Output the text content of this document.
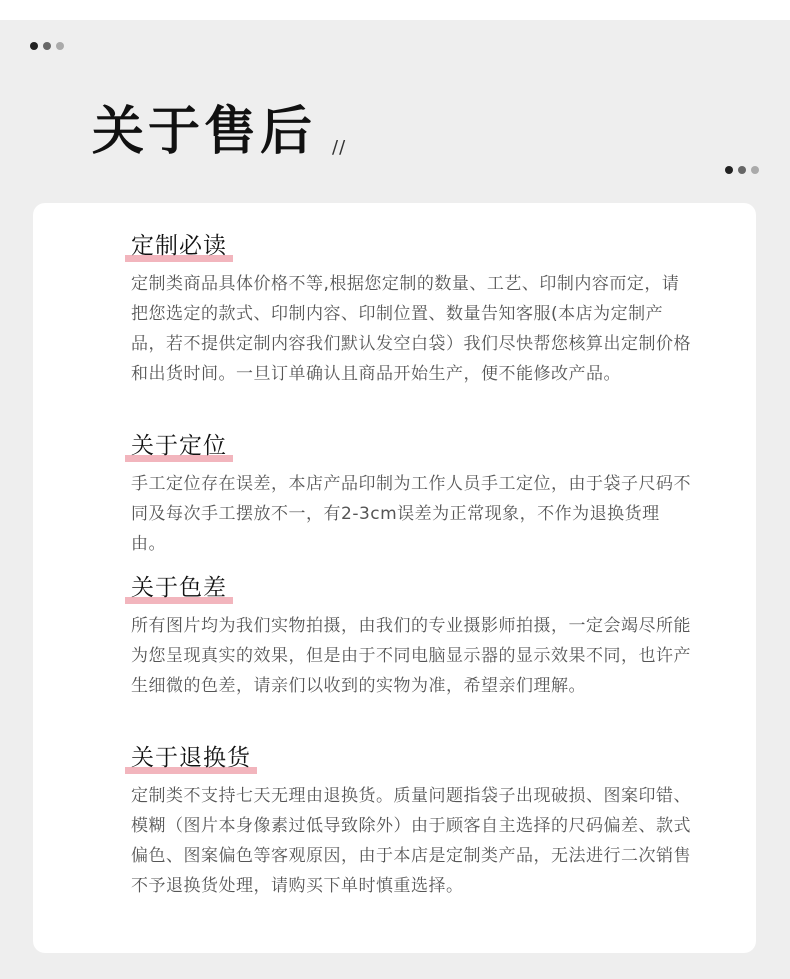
关于售后 //
定制必读
定制类商品具体价格不等,根据您定制的数量、工艺、印制内容而定，请把您选定的款式、印制内容、印制位置、数量告知客服(本店为定制产品，若不提供定制内容我们默认发空白袋）我们尽快帮您核算出定制价格和出货时间。一旦订单确认且商品开始生产，便不能修改产品。
关于定位
手工定位存在误差，本店产品印制为工作人员手工定位，由于袋子尺码不同及每次手工摆放不一，有2-3cm误差为正常现象，不作为退换货理由。
关于色差
所有图片均为我们实物拍摄，由我们的专业摄影师拍摄，一定会竭尽所能为您呈现真实的效果，但是由于不同电脑显示器的显示效果不同，也许产生细微的色差，请亲们以收到的实物为准，希望亲们理解。
关于退换货
定制类不支持七天无理由退换货。质量问题指袋子出现破损、图案印错、模糊（图片本身像素过低导致除外）由于顾客自主选择的尺码偏差、款式偏色、图案偏色等客观原因，由于本店是定制类产品，无法进行二次销售不予退换货处理，请购买下单时慎重选择。
